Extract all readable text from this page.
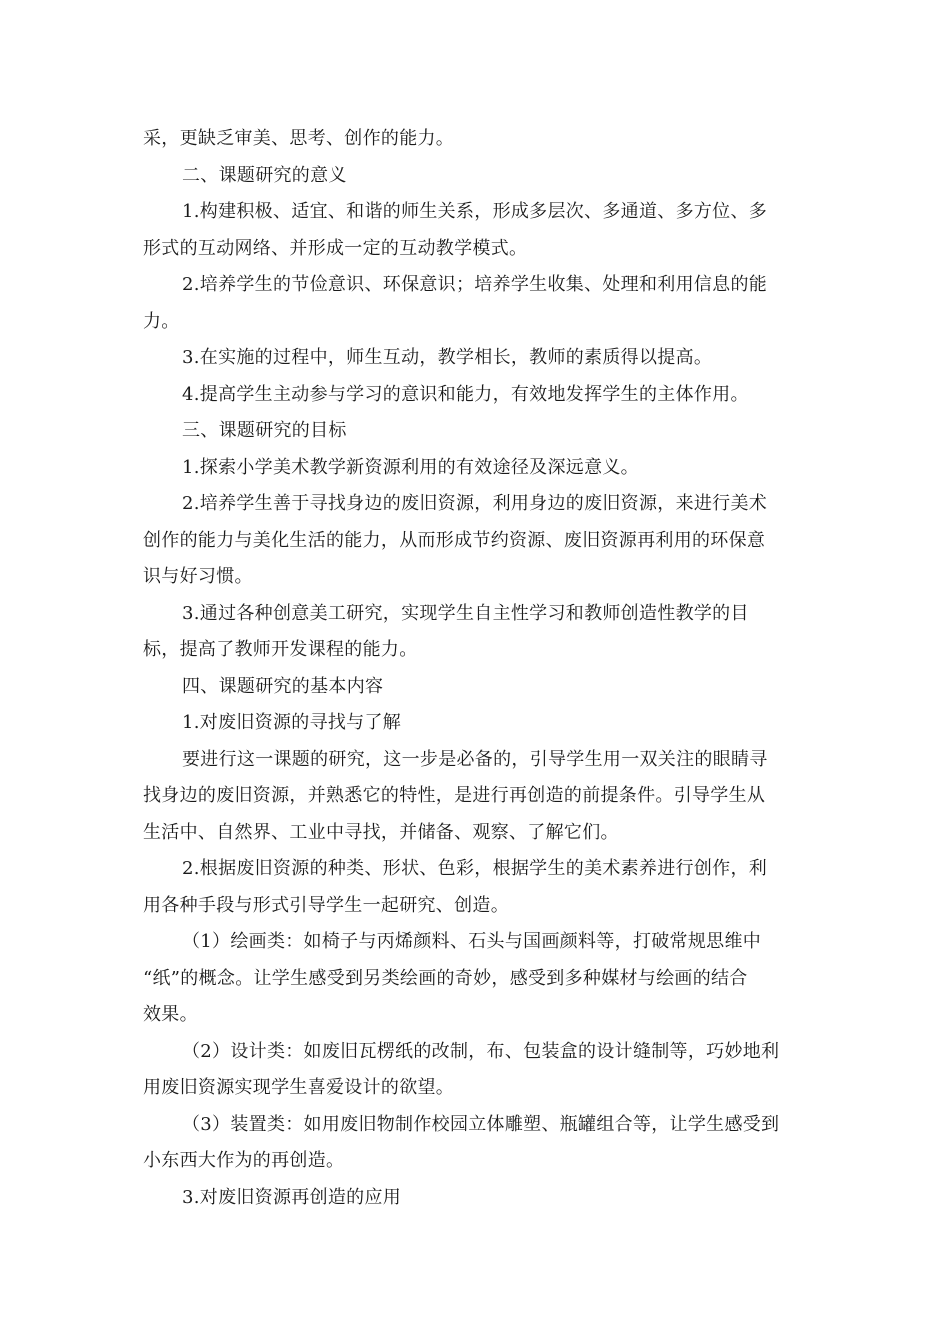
采，更缺乏审美、思考、创作的能力。
二、课题研究的意义
1.构建积极、适宜、和谐的师生关系，形成多层次、多通道、多方位、多
形式的互动网络、并形成一定的互动教学模式。
2.培养学生的节俭意识、环保意识；培养学生收集、处理和利用信息的能
力。
3.在实施的过程中，师生互动，教学相长，教师的素质得以提高。
4.提高学生主动参与学习的意识和能力，有效地发挥学生的主体作用。
三、课题研究的目标
1.探索小学美术教学新资源利用的有效途径及深远意义。
2.培养学生善于寻找身边的废旧资源，利用身边的废旧资源，来进行美术
创作的能力与美化生活的能力，从而形成节约资源、废旧资源再利用的环保意
识与好习惯。
3.通过各种创意美工研究，实现学生自主性学习和教师创造性教学的目
标，提高了教师开发课程的能力。
四、课题研究的基本内容
1.对废旧资源的寻找与了解
要进行这一课题的研究，这一步是必备的，引导学生用一双关注的眼睛寻
找身边的废旧资源，并熟悉它的特性，是进行再创造的前提条件。引导学生从
生活中、自然界、工业中寻找，并储备、观察、了解它们。
2.根据废旧资源的种类、形状、色彩，根据学生的美术素养进行创作，利
用各种手段与形式引导学生一起研究、创造。
（1）绘画类：如椅子与丙烯颜料、石头与国画颜料等，打破常规思维中
“纸”的概念。让学生感受到另类绘画的奇妙，感受到多种媒材与绘画的结合
效果。
（2）设计类：如废旧瓦楞纸的改制，布、包装盒的设计缝制等，巧妙地利
用废旧资源实现学生喜爱设计的欲望。
（3）装置类：如用废旧物制作校园立体雕塑、瓶罐组合等，让学生感受到
小东西大作为的再创造。
3.对废旧资源再创造的应用
